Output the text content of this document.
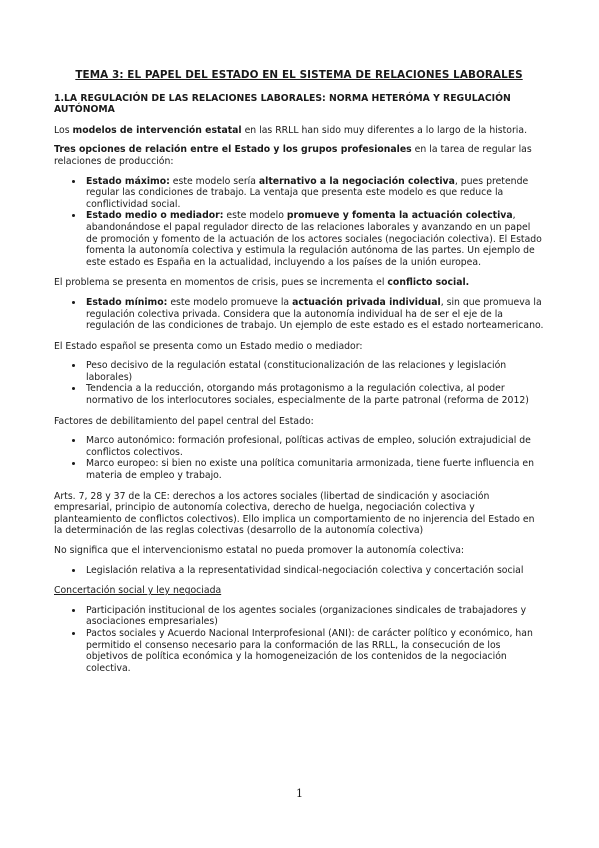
TEMA 3: EL PAPEL DEL ESTADO EN EL SISTEMA DE RELACIONES LABORALES
1.LA REGULACIÓN DE LAS RELACIONES LABORALES: NORMA HETERÓMA Y REGULACIÓN AUTÓNOMA

Los modelos de intervención estatal en las RRLL han sido muy diferentes a lo largo de la historia.

Tres opciones de relación entre el Estado y los grupos profesionales en la tarea de regular las relaciones de producción:

• Estado máximo: este modelo sería alternativo a la negociación colectiva, pues pretende regular las condiciones de trabajo. La ventaja que presenta este modelo es que reduce la conflictividad social.
• Estado medio o mediador: este modelo promueve y fomenta la actuación colectiva, abandonándose el papal regulador directo de las relaciones laborales y avanzando en un papel de promoción y fomento de la actuación de los actores sociales (negociación colectiva). El Estado fomenta la autonomía colectiva y estimula la regulación autónoma de las partes. Un ejemplo de este estado es España en la actualidad, incluyendo a los países de la unión europea.

El problema se presenta en momentos de crisis, pues se incrementa el conflicto social.

• Estado mínimo: este modelo promueve la actuación privada individual, sin que promueva la regulación colectiva privada. Considera que la autonomía individual ha de ser el eje de la regulación de las condiciones de trabajo. Un ejemplo de este estado es el estado norteamericano.

El Estado español se presenta como un Estado medio o mediador:

• Peso decisivo de la regulación estatal (constitucionalización de las relaciones y legislación laborales)
• Tendencia a la reducción, otorgando más protagonismo a la regulación colectiva, al poder normativo de los interlocutores sociales, especialmente de la parte patronal (reforma de 2012)

Factores de debilitamiento del papel central del Estado:

• Marco autonómico: formación profesional, políticas activas de empleo, solución extrajudicial de conflictos colectivos.
• Marco europeo: si bien no existe una política comunitaria armonizada, tiene fuerte influencia en materia de empleo y trabajo.

Arts. 7, 28 y 37 de la CE: derechos a los actores sociales (libertad de sindicación y asociación empresarial, principio de autonomía colectiva, derecho de huelga, negociación colectiva y planteamiento de conflictos colectivos). Ello implica un comportamiento de no injerencia del Estado en la determinación de las reglas colectivas (desarrollo de la autonomía colectiva)

No significa que el intervencionismo estatal no pueda promover la autonomía colectiva:

• Legislación relativa a la representatividad sindical-negociación colectiva y concertación social

Concertación social y ley negociada

• Participación institucional de los agentes sociales (organizaciones sindicales de trabajadores y asociaciones empresariales)
• Pactos sociales y Acuerdo Nacional Interprofesional (ANI): de carácter político y económico, han permitido el consenso necesario para la conformación de las RRLL, la consecución de los objetivos de política económica y la homogeneización de los contenidos de la negociación colectiva.
1
